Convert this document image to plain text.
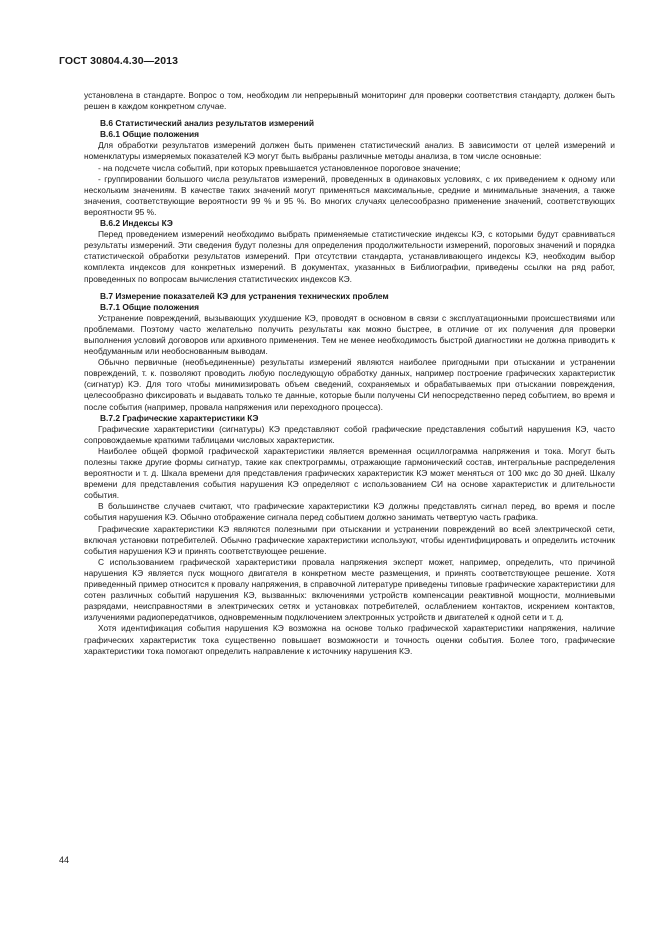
ГОСТ 30804.4.30—2013

установлена в стандарте. Вопрос о том, необходим ли непрерывный мониторинг для проверки соответствия стандарту, должен быть решен в каждом конкретном случае.

B.6 Статистический анализ результатов измерений
B.6.1 Общие положения

Для обработки результатов измерений должен быть применен статистический анализ. В зависимости от целей измерений и номенклатуры измеряемых показателей КЭ могут быть выбраны различные методы анализа, в том числе основные:

- на подсчете числа событий, при которых превышается установленное пороговое значение;

- группировании большого числа результатов измерений, проведенных в одинаковых условиях, с их приведением к одному или нескольким значениям. В качестве таких значений могут применяться максимальные, средние и минимальные значения, а также значения, соответствующие вероятности 99 % и 95 %. Во многих случаях целесообразно применение значений, соответствующих вероятности 95 %.

B.6.2 Индексы КЭ

Перед проведением измерений необходимо выбрать применяемые статистические индексы КЭ, с которыми будут сравниваться результаты измерений. Эти сведения будут полезны для определения продолжительности измерений, пороговых значений и порядка статистической обработки результатов измерений. При отсутствии стандарта, устанавливающего индексы КЭ, необходим выбор комплекта индексов для конкретных измерений. В документах, указанных в Библиографии, приведены ссылки на ряд работ, проведенных по вопросам вычисления статистических индексов КЭ.

B.7 Измерение показателей КЭ для устранения технических проблем
B.7.1 Общие положения

Устранение повреждений, вызывающих ухудшение КЭ, проводят в основном в связи с эксплуатационными происшествиями или проблемами. Поэтому часто желательно получить результаты как можно быстрее, в отличие от их получения для проверки выполнения условий договоров или архивного применения. Тем не менее необходимость быстрой диагностики не должна приводить к необдуманным или необоснованным выводам.

Обычно первичные (необъединенные) результаты измерений являются наиболее пригодными при отыскании и устранении повреждений, т. к. позволяют проводить любую последующую обработку данных, например построение графических характеристик (сигнатур) КЭ. Для того чтобы минимизировать объем сведений, сохраняемых и обрабатываемых при отыскании повреждения, целесообразно фиксировать и выдавать только те данные, которые были получены СИ непосредственно перед событием, во время и после события (например, провала напряжения или переходного процесса).

B.7.2 Графические характеристики КЭ

Графические характеристики (сигнатуры) КЭ представляют собой графические представления событий нарушения КЭ, часто сопровождаемые краткими таблицами числовых характеристик.

Наиболее общей формой графической характеристики является временная осциллограмма напряжения и тока. Могут быть полезны также другие формы сигнатур, такие как спектрограммы, отражающие гармонический состав, интегральные распределения вероятности и т. д. Шкала времени для представления графических характеристик КЭ может меняться от 100 мкс до 30 дней. Шкалу времени для представления события нарушения КЭ определяют с использованием СИ на основе характеристик и длительности события.

В большинстве случаев считают, что графические характеристики КЭ должны представлять сигнал перед, во время и после события нарушения КЭ. Обычно отображение сигнала перед событием должно занимать четвертую часть графика.

Графические характеристики КЭ являются полезными при отыскании и устранении повреждений во всей электрической сети, включая установки потребителей. Обычно графические характеристики используют, чтобы идентифицировать и определить источник события нарушения КЭ и принять соответствующее решение.

С использованием графической характеристики провала напряжения эксперт может, например, определить, что причиной нарушения КЭ является пуск мощного двигателя в конкретном месте размещения, и принять соответствующее решение. Хотя приведенный пример относится к провалу напряжения, в справочной литературе приведены типовые графические характеристики для сотен различных событий нарушения КЭ, вызванных: включениями устройств компенсации реактивной мощности, молниевыми разрядами, неисправностями в электрических сетях и установках потребителей, ослаблением контактов, искрением контактов, излучениями радиопередатчиков, одновременным подключением электронных устройств и двигателей к одной сети и т. д.

Хотя идентификация события нарушения КЭ возможна на основе только графической характеристики напряжения, наличие графических характеристик тока существенно повышает возможности и точность оценки события. Более того, графические характеристики тока помогают определить направление к источнику нарушения КЭ.

44
